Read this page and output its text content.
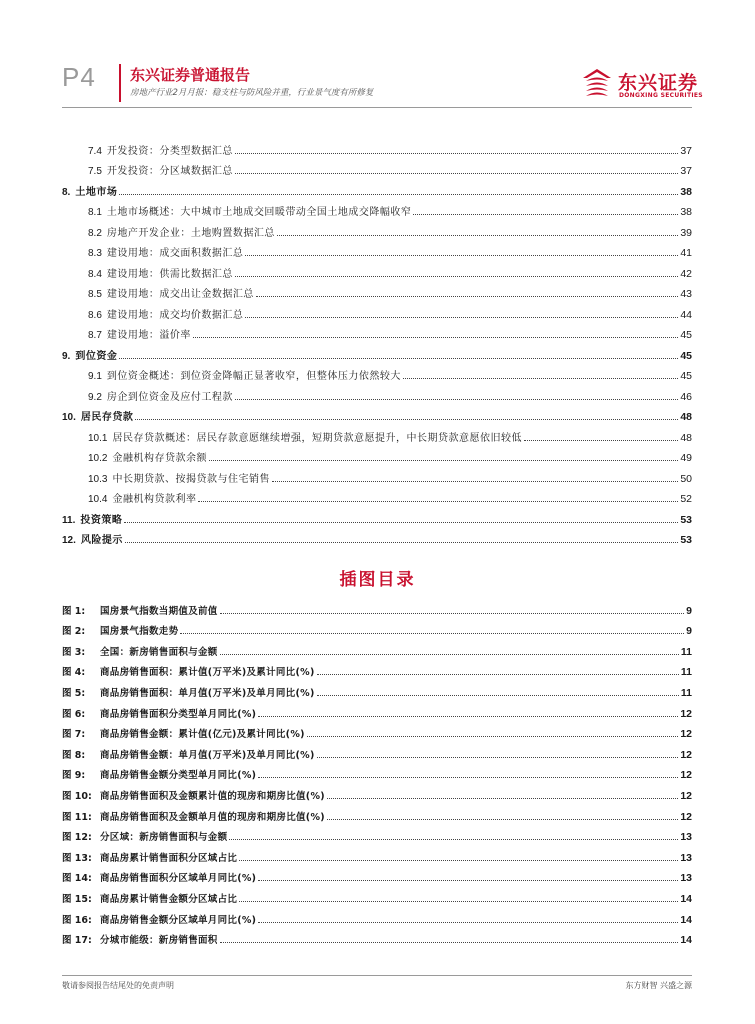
P4 东兴证券普通报告
房地产行业2月月报：稳支柱与防风险并重，行业景气度有所修复	东兴证券
DONGXING SECURITIES
7.4 开发投资：分类型数据汇总	37
7.5 开发投资：分区域数据汇总	37
8. 土地市场	38
8.1 土地市场概述：大中城市土地成交回暖带动全国土地成交降幅收窄	38
8.2 房地产开发企业：土地购置数据汇总	39
8.3 建设用地：成交面积数据汇总	41
8.4 建设用地：供需比数据汇总	42
8.5 建设用地：成交出让金数据汇总	43
8.6 建设用地：成交均价数据汇总	44
8.7 建设用地：溢价率	45
9. 到位资金	45
9.1 到位资金概述：到位资金降幅正显著收窄，但整体压力依然较大	45
9.2 房企到位资金及应付工程款	46
10. 居民存贷款	48
10.1 居民存贷款概述：居民存款意愿继续增强，短期贷款意愿提升，中长期贷款意愿依旧较低	48
10.2 金融机构存贷款余额	49
10.3 中长期贷款、按揭贷款与住宅销售	50
10.4 金融机构贷款利率	52
11. 投资策略	53
12. 风险提示	53
插图目录
图 1:	国房景气指数当期值及前值	9
图 2:	国房景气指数走势	9
图 3:	全国：新房销售面积与金额	11
图 4:	商品房销售面积：累计值(万平米)及累计同比(%)	11
图 5:	商品房销售面积：单月值(万平米)及单月同比(%)	11
图 6:	商品房销售面积分类型单月同比(%)	12
图 7:	商品房销售金额：累计值(亿元)及累计同比(%)	12
图 8:	商品房销售金额：单月值(万平米)及单月同比(%)	12
图 9:	商品房销售金额分类型单月同比(%)	12
图 10: 商品房销售面积及金额累计值的现房和期房比值(%)	12
图 11: 商品房销售面积及金额单月值的现房和期房比值(%)	12
图 12: 分区域：新房销售面积与金额	13
图 13: 商品房累计销售面积分区域占比	13
图 14: 商品房销售面积分区域单月同比(%)	13
图 15: 商品房累计销售金额分区域占比	14
图 16: 商品房销售金额分区域单月同比(%)	14
图 17: 分城市能级：新房销售面积	14
敬请参阅报告结尾处的免责声明	东方财智 兴盛之源
